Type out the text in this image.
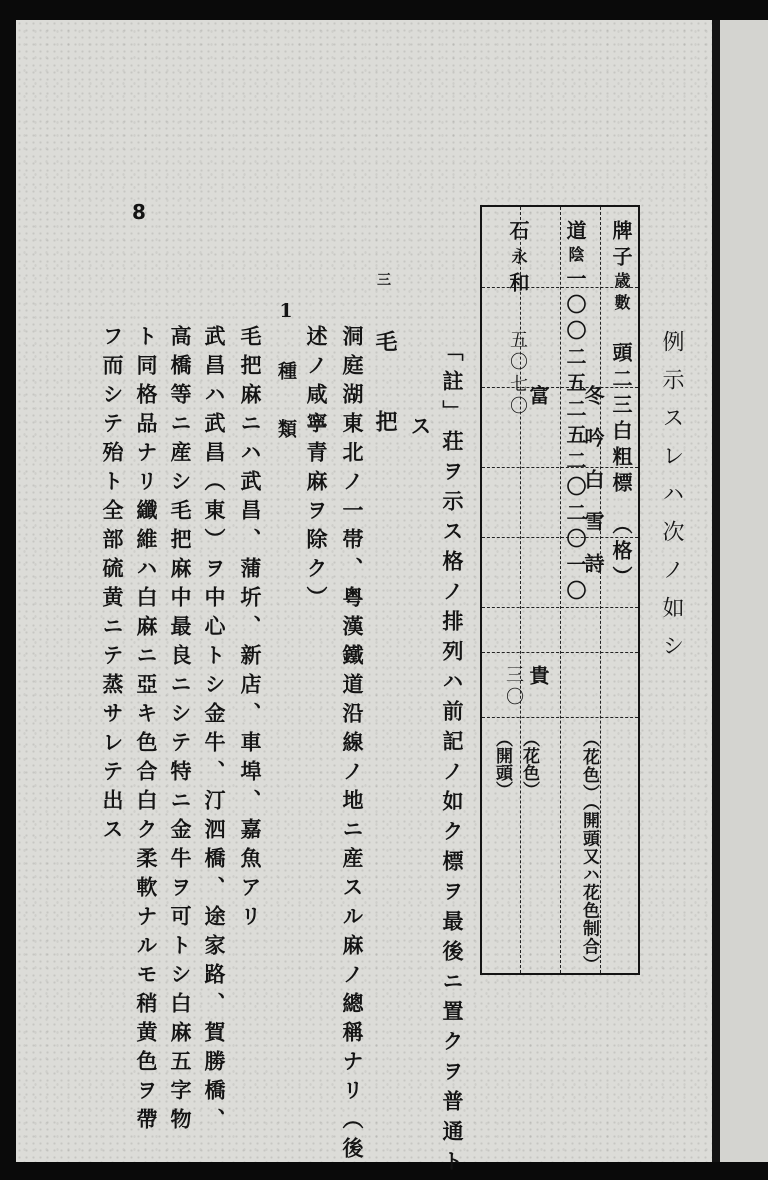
8
例示スレハ次ノ如シ
牌子歳數　頭二三白粗標　（格）
道陰一〇〇二五二五二〇二〇一〇
冬吟白雪詩
石永和
五〇七〇
富
貴
三〇
（花色）（開頭又ハ花色制合）
（花色）
（開頭）
「註」荘ヲ示ス格ノ排列ハ前記ノ如ク標ヲ最後ニ置クヲ普通ト
ス
三
毛　把
洞庭湖東北ノ一帯、粤漢鐵道沿線ノ地ニ産スル麻ノ總稱ナリ（後
述ノ咸寧青麻ヲ除ク）
1　種　類
毛把麻ニハ武昌、蒲圻、新店、車埠、嘉魚アリ
武昌ハ武昌（東）ヲ中心トシ金牛、汀泗橋、途家路、賀勝橋、
高橋等ニ産シ毛把麻中最良ニシテ特ニ金牛ヲ可トシ白麻五字物
ト同格品ナリ纖維ハ白麻ニ亞キ色合白ク柔軟ナルモ稍黄色ヲ帶
フ而シテ殆ト全部硫黄ニテ蒸サレテ出ス
